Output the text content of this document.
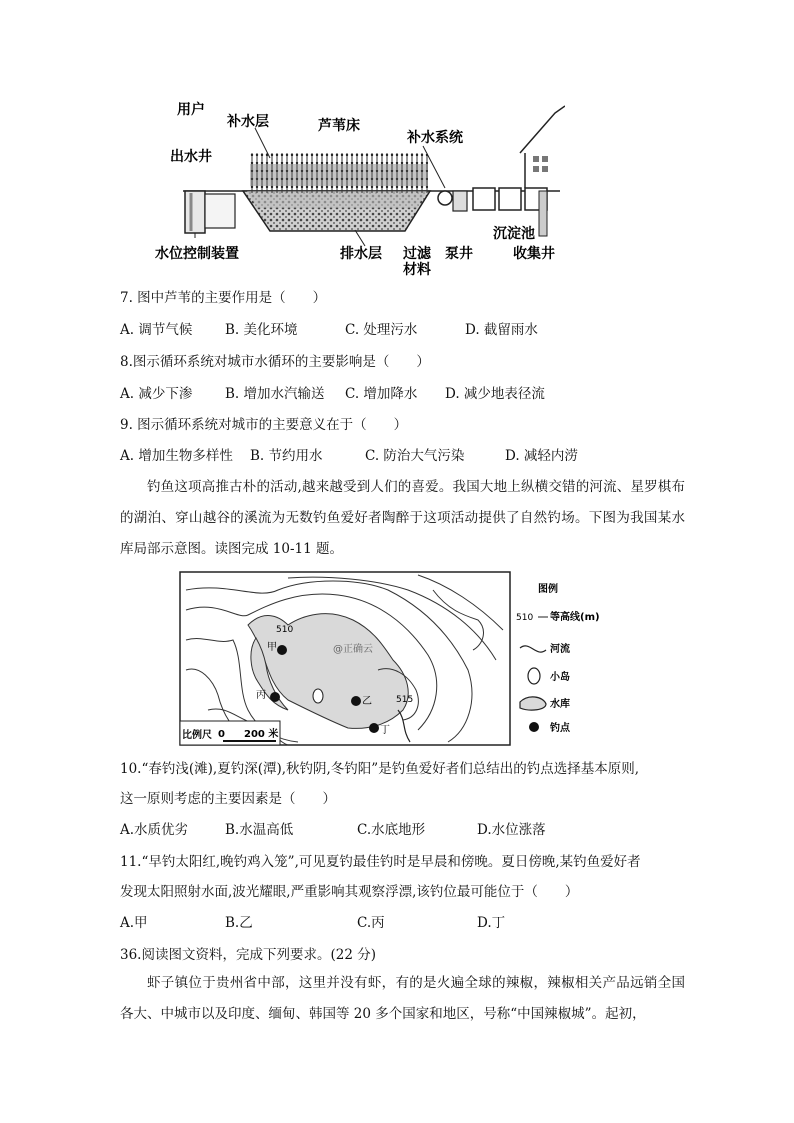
用户
出水井
补水层	芦苇床
补水系统
沉淀池
水位控制装置	排水层 过滤
材料
泵井	收集井
7. 图中芦苇的主要作用是（　　）
A. 调节气候 B. 美化环境	C. 处理污水	D. 截留雨水
8.图示循环系统对城市水循环的主要影响是（　　）
A. 减少下渗 B. 增加水汽输送 C. 增加降水 D. 减少地表径流
9. 图示循环系统对城市的主要意义在于（　　）
A. 增加生物多样性 B. 节约用水	C. 防治大气污染	D. 减轻内涝
钓鱼这项高推古朴的活动,越来越受到人们的喜爱。我国大地上纵横交错的河流、星罗棋布的湖泊、穿山越谷的溪流为无数钓鱼爱好者陶醉于这项活动提供了自然钓场。下图为我国某水库局部示意图。读图完成 10-11 题。
@正确云
510
515
甲
丙
乙
丁
比例尺 0 200 米
图例
510 等高线(m)
河流
小岛
水库
钓点
10.“春钓浅(滩),夏钓深(潭),秋钓阴,冬钓阳”是钓鱼爱好者们总结出的钓点选择基本原则,
这一原则考虑的主要因素是（　　）
A.水质优劣	B.水温高低	C.水底地形	D.水位涨落
11.“早钓太阳红,晚钓鸡入笼”,可见夏钓最佳钓时是早晨和傍晚。夏日傍晚,某钓鱼爱好者
发现太阳照射水面,波光耀眼,严重影响其观察浮漂,该钓位最可能位于（　　）
A.甲	B.乙	C.丙	D.丁
36.阅读图文资料，完成下列要求。(22 分)
虾子镇位于贵州省中部，这里并没有虾，有的是火遍全球的辣椒，辣椒相关产品远销全国各大、中城市以及印度、缅甸、韩国等 20 多个国家和地区，号称“中国辣椒城”。起初，
